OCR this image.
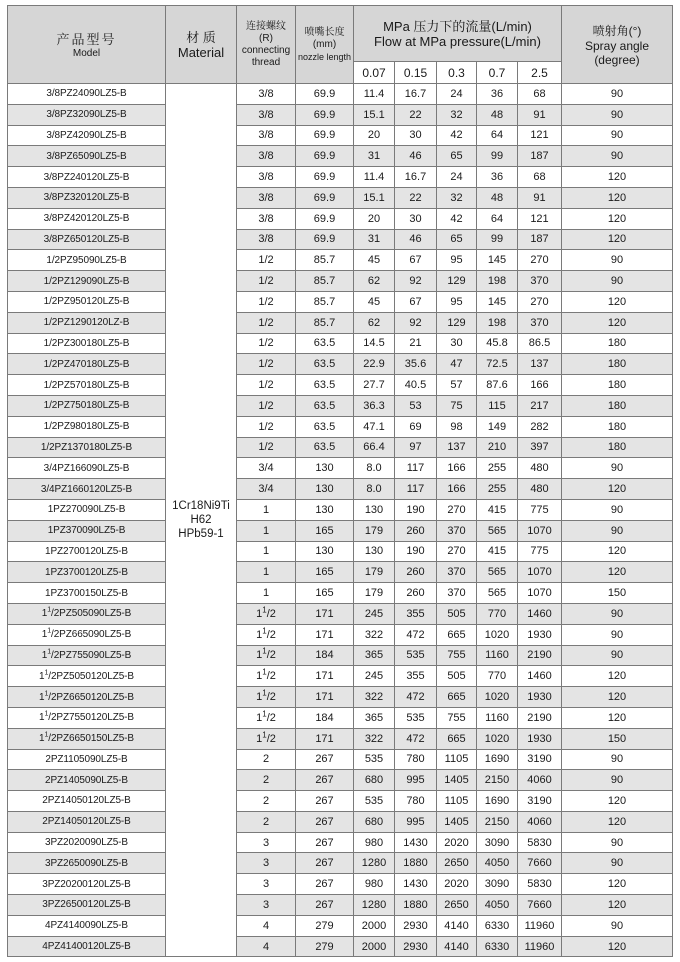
产品型号
Model	材 质
Material	连接螺纹
(R)
connecting
thread	喷嘴长度
(mm)
nozzle length	MPa 压力下的流量(L/min)
Flow at MPa pressure(L/min)					喷射角(°)
Spray angle
(degree)

				0.07	0.15	0.3	0.7	2.5	
3/8PZ24090LZ5-B	1Cr18Ni9Ti
H62
HPb59-1	3/8	69.9	11.4	16.7	24	36	68	90
3/8PZ32090LZ5-B		3/8	69.9	15.1	22	32	48	91	90
3/8PZ42090LZ5-B		3/8	69.9	20	30	42	64	121	90
3/8PZ65090LZ5-B		3/8	69.9	31	46	65	99	187	90
3/8PZ240120LZ5-B		3/8	69.9	11.4	16.7	24	36	68	120
3/8PZ320120LZ5-B		3/8	69.9	15.1	22	32	48	91	120
3/8PZ420120LZ5-B		3/8	69.9	20	30	42	64	121	120
3/8PZ650120LZ5-B		3/8	69.9	31	46	65	99	187	120
1/2PZ95090LZ5-B		1/2	85.7	45	67	95	145	270	90
1/2PZ129090LZ5-B		1/2	85.7	62	92	129	198	370	90
1/2PZ950120LZ5-B		1/2	85.7	45	67	95	145	270	120
1/2PZ1290120LZ-B		1/2	85.7	62	92	129	198	370	120
1/2PZ300180LZ5-B		1/2	63.5	14.5	21	30	45.8	86.5	180
1/2PZ470180LZ5-B		1/2	63.5	22.9	35.6	47	72.5	137	180
1/2PZ570180LZ5-B		1/2	63.5	27.7	40.5	57	87.6	166	180
1/2PZ750180LZ5-B		1/2	63.5	36.3	53	75	115	217	180
1/2PZ980180LZ5-B		1/2	63.5	47.1	69	98	149	282	180
1/2PZ1370180LZ5-B		1/2	63.5	66.4	97	137	210	397	180
3/4PZ166090LZ5-B		3/4	130	8.0	117	166	255	480	90
3/4PZ1660120LZ5-B		3/4	130	8.0	117	166	255	480	120
1PZ270090LZ5-B		1	130	130	190	270	415	775	90
1PZ370090LZ5-B		1	165	179	260	370	565	1070	90
1PZ2700120LZ5-B		1	130	130	190	270	415	775	120
1PZ3700120LZ5-B		1	165	179	260	370	565	1070	120
1PZ3700150LZ5-B		1	165	179	260	370	565	1070	150
$1^1/2PZ505090LZ5-B$		$1^1/2$	171	245	355	505	770	1460	90
$1^1/2PZ665090LZ5-B$		$1^1/2$	171	322	472	665	1020	1930	90
$1^1/2PZ755090LZ5-B$		$1^1/2$	184	365	535	755	1160	2190	90
$1^1/2PZ5050120LZ5-B$		$1^1/2$	171	245	355	505	770	1460	120
$1^1/2PZ6650120LZ5-B$		$1^1/2$	171	322	472	665	1020	1930	120
$1^1/2PZ7550120LZ5-B$		$1^1/2$	184	365	535	755	1160	2190	120
$1^1/2PZ6650150LZ5-B$		$1^1/2$	171	322	472	665	1020	1930	150
2PZ1105090LZ5-B		2	267	535	780	1105	1690	3190	90
2PZ1405090LZ5-B		2	267	680	995	1405	2150	4060	90
2PZ14050120LZ5-B		2	267	535	780	1105	1690	3190	120
2PZ14050120LZ5-B		2	267	680	995	1405	2150	4060	120
3PZ2020090LZ5-B		3	267	980	1430	2020	3090	5830	90
3PZ2650090LZ5-B		3	267	1280	1880	2650	4050	7660	90
3PZ20200120LZ5-B		3	267	980	1430	2020	3090	5830	120
3PZ26500120LZ5-B		3	267	1280	1880	2650	4050	7660	120
4PZ4140090LZ5-B		4	279	2000	2930	4140	6330	11960	90
4PZ41400120LZ5-B		4	279	2000	2930	4140	6330	11960	120
